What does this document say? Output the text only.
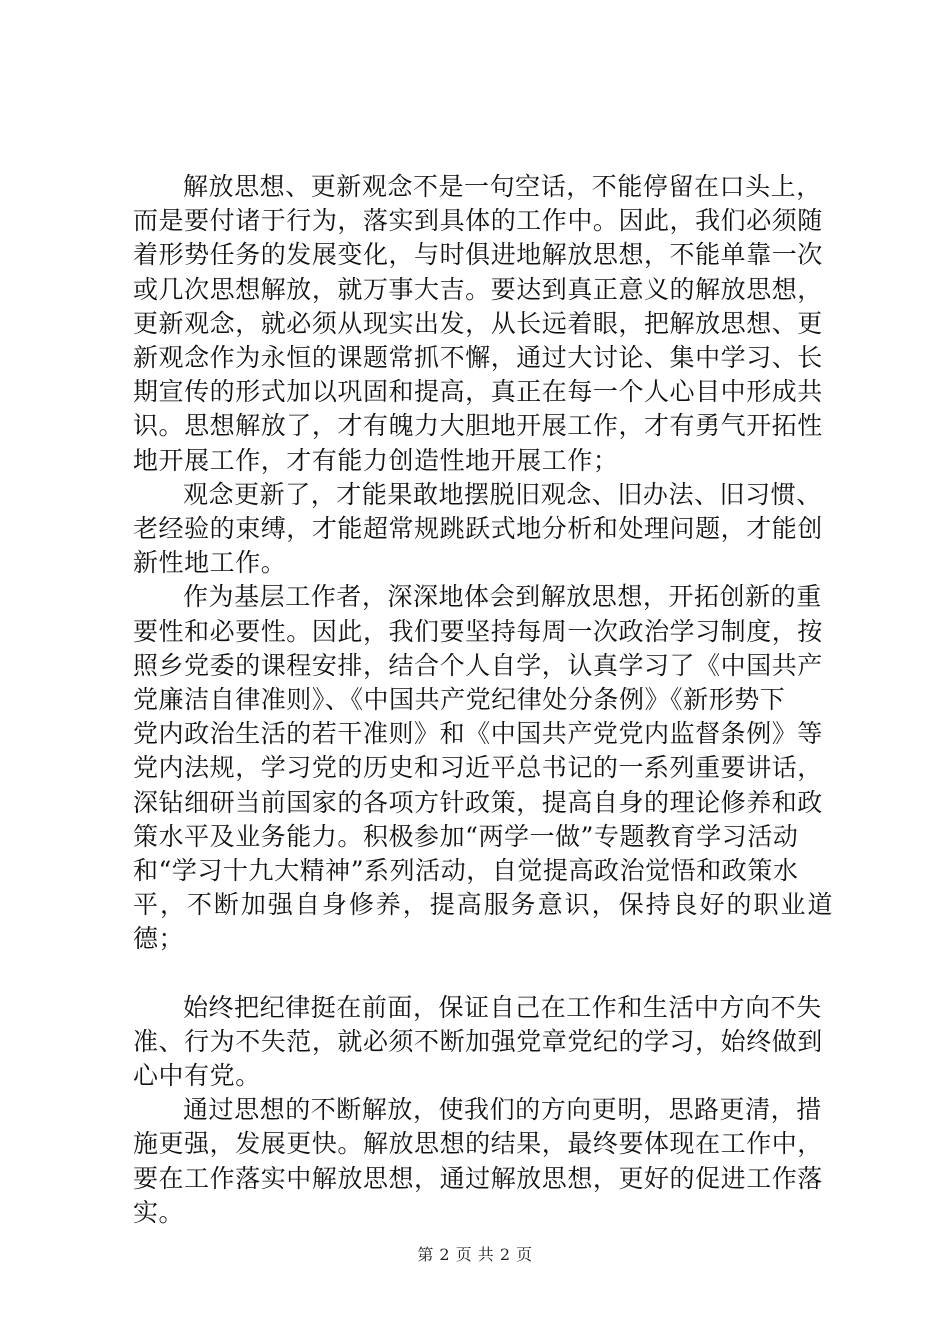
解放思想、更新观念不是一句空话，不能停留在口头上，
而是要付诸于行为，落实到具体的工作中。因此，我们必须随
着形势任务的发展变化，与时俱进地解放思想，不能单靠一次
或几次思想解放，就万事大吉。要达到真正意义的解放思想，
更新观念，就必须从现实出发，从长远着眼，把解放思想、更
新观念作为永恒的课题常抓不懈，通过大讨论、集中学习、长
期宣传的形式加以巩固和提高，真正在每一个人心目中形成共
识。思想解放了，才有魄力大胆地开展工作，才有勇气开拓性
地开展工作，才有能力创造性地开展工作；

观念更新了，才能果敢地摆脱旧观念、旧办法、旧习惯、
老经验的束缚，才能超常规跳跃式地分析和处理问题，才能创
新性地工作。

作为基层工作者，深深地体会到解放思想，开拓创新的重
要性和必要性。因此，我们要坚持每周一次政治学习制度，按
照乡党委的课程安排，结合个人自学，认真学习了《中国共产
党廉洁自律准则》、《中国共产党纪律处分条例》《新形势下
党内政治生活的若干准则》和《中国共产党党内监督条例》等
党内法规，学习党的历史和习近平总书记的一系列重要讲话，
深钻细研当前国家的各项方针政策，提高自身的理论修养和政
策水平及业务能力。积极参加“两学一做”专题教育学习活动
和“学习十九大精神”系列活动，自觉提高政治觉悟和政策水
平，不断加强自身修养，提高服务意识，保持良好的职业道德；

始终把纪律挺在前面，保证自己在工作和生活中方向不失
准、行为不失范，就必须不断加强党章党纪的学习，始终做到
心中有党。

通过思想的不断解放，使我们的方向更明，思路更清，措
施更强，发展更快。解放思想的结果，最终要体现在工作中，
要在工作落实中解放思想，通过解放思想，更好的促进工作落
实。

第 2 页 共 2 页
